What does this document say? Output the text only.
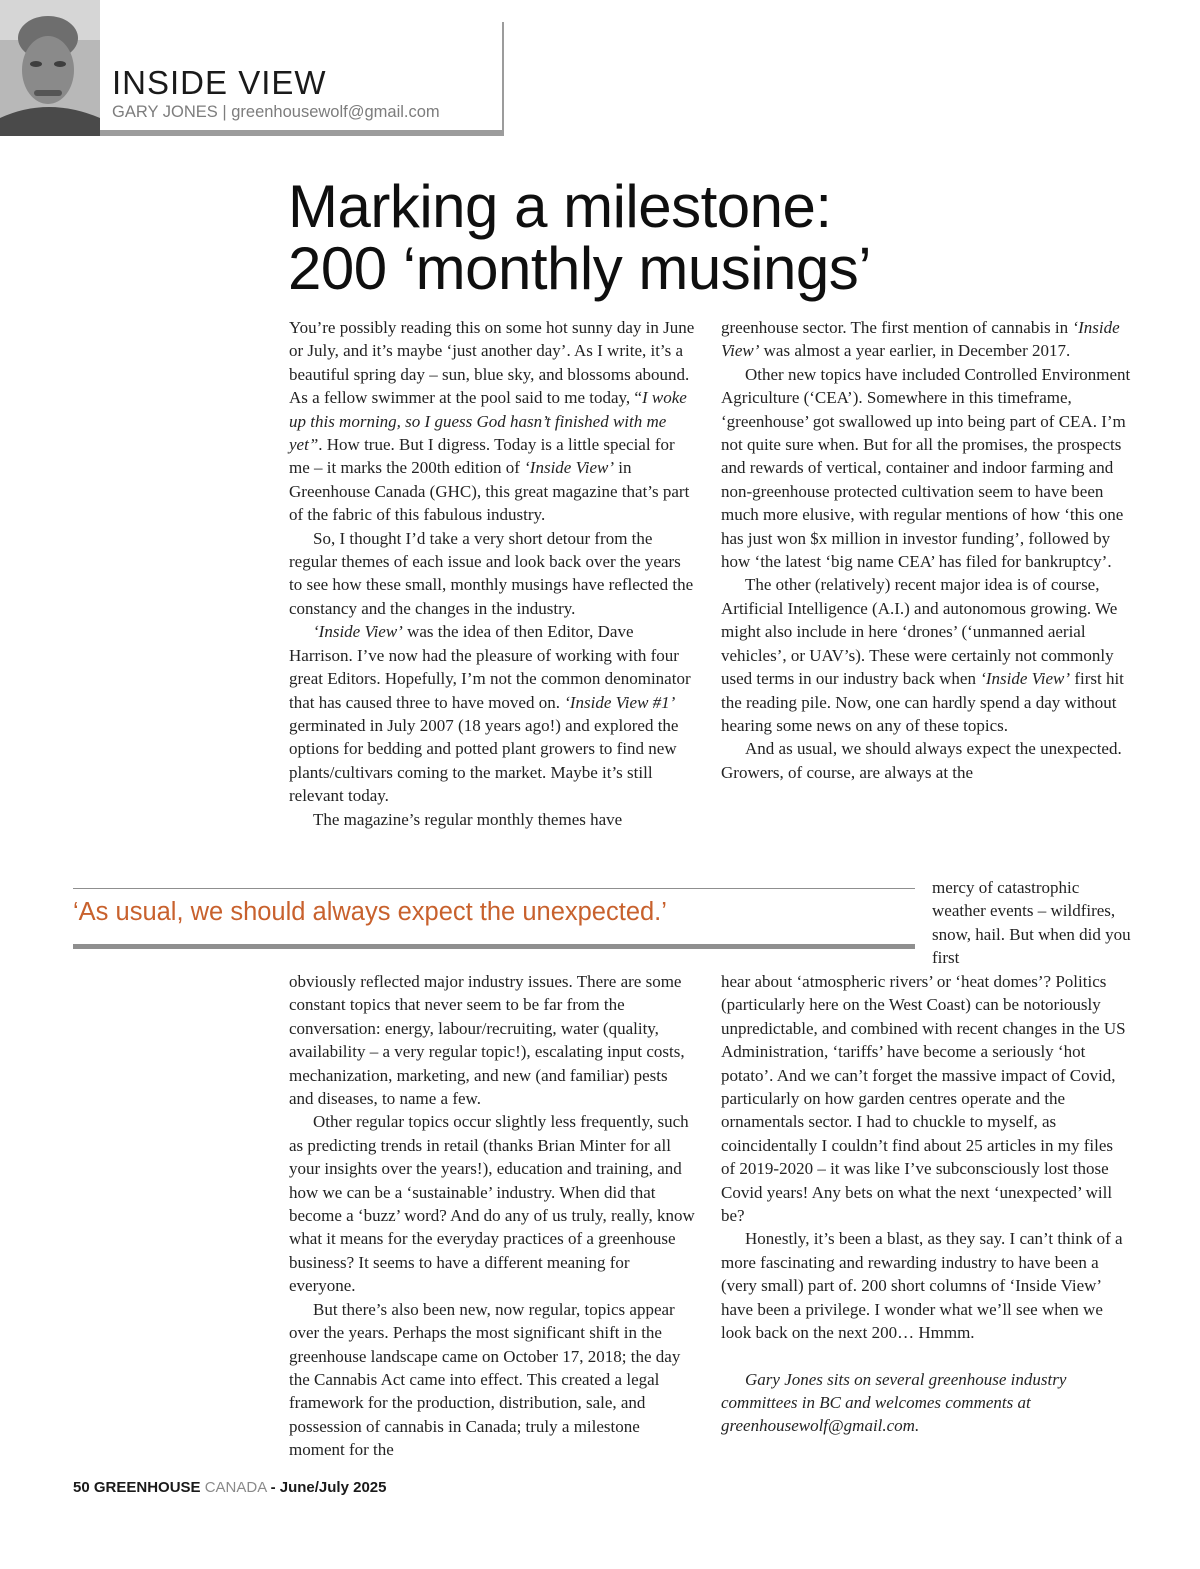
INSIDE VIEW
GARY JONES | greenhousewolf@gmail.com
Marking a milestone:
200 ‘monthly musings’

You’re possibly reading this on some hot sunny day in June or July, and it’s maybe ‘just another day’. As I write, it’s a beautiful spring day – sun, blue sky, and blossoms abound. As a fellow swimmer at the pool said to me today, “I woke up this morning, so I guess God hasn’t finished with me yet”. How true. But I digress. Today is a little special for me – it marks the 200th edition of ‘Inside View’ in Greenhouse Canada (GHC), this great magazine that’s part of the fabric of this fabulous industry.

So, I thought I’d take a very short detour from the regular themes of each issue and look back over the years to see how these small, monthly musings have reflected the constancy and the changes in the industry.

‘Inside View’ was the idea of then Editor, Dave Harrison. I’ve now had the pleasure of working with four great Editors. Hopefully, I’m not the common denominator that has caused three to have moved on. ‘Inside View #1’ germinated in July 2007 (18 years ago!) and explored the options for bedding and potted plant growers to find new plants/cultivars coming to the market. Maybe it’s still relevant today.

The magazine’s regular monthly themes have

greenhouse sector. The first mention of cannabis in ‘Inside View’ was almost a year earlier, in December 2017.

Other new topics have included Controlled Environment Agriculture (‘CEA’). Somewhere in this timeframe, ‘greenhouse’ got swallowed up into being part of CEA. I’m not quite sure when. But for all the promises, the prospects and rewards of vertical, container and indoor farming and non-greenhouse protected cultivation seem to have been much more elusive, with regular mentions of how ‘this one has just won $x million in investor funding’, followed by how ‘the latest ‘big name CEA’ has filed for bankruptcy’.

The other (relatively) recent major idea is of course, Artificial Intelligence (A.I.) and autonomous growing. We might also include in here ‘drones’ (‘unmanned aerial vehicles’, or UAV’s). These were certainly not commonly used terms in our industry back when ‘Inside View’ first hit the reading pile. Now, one can hardly spend a day without hearing some news on any of these topics.

And as usual, we should always expect the unexpected. Growers, of course, are always at the

mercy of catastrophic weather events – wildfires, snow, hail. But when did you first

‘As usual, we should always expect the unexpected.’

obviously reflected major industry issues. There are some constant topics that never seem to be far from the conversation: energy, labour/recruiting, water (quality, availability – a very regular topic!), escalating input costs, mechanization, marketing, and new (and familiar) pests and diseases, to name a few.

Other regular topics occur slightly less frequently, such as predicting trends in retail (thanks Brian Minter for all your insights over the years!), education and training, and how we can be a ‘sustainable’ industry. When did that become a ‘buzz’ word? And do any of us truly, really, know what it means for the everyday practices of a greenhouse business? It seems to have a different meaning for everyone.

But there’s also been new, now regular, topics appear over the years. Perhaps the most significant shift in the greenhouse landscape came on October 17, 2018; the day the Cannabis Act came into effect. This created a legal framework for the production, distribution, sale, and possession of cannabis in Canada; truly a milestone moment for the

hear about ‘atmospheric rivers’ or ‘heat domes’? Politics (particularly here on the West Coast) can be notoriously unpredictable, and combined with recent changes in the US Administration, ‘tariffs’ have become a seriously ‘hot potato’. And we can’t forget the massive impact of Covid, particularly on how garden centres operate and the ornamentals sector. I had to chuckle to myself, as coincidentally I couldn’t find about 25 articles in my files of 2019-2020 – it was like I’ve subconsciously lost those Covid years! Any bets on what the next ‘unexpected’ will be?

Honestly, it’s been a blast, as they say. I can’t think of a more fascinating and rewarding industry to have been a (very small) part of. 200 short columns of ‘Inside View’ have been a privilege. I wonder what we’ll see when we look back on the next 200… Hmmm.

Gary Jones sits on several greenhouse industry committees in BC and welcomes comments at greenhousewolf@gmail.com.

50 GREENHOUSE CANADA - June/July 2025
